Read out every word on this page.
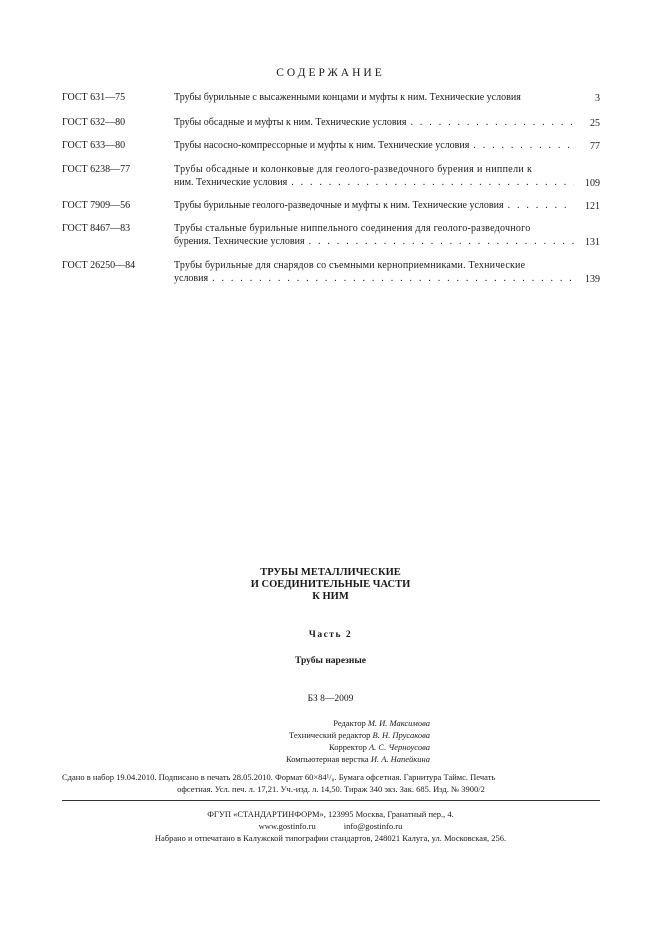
СОДЕРЖАНИЕ
ГОСТ 631—75	Трубы бурильные с высаженными концами и муфты к ним. Технические условия	3
ГОСТ 632—80	Трубы обсадные и муфты к ним. Технические условия . . .	25
ГОСТ 633—80	Трубы насосно-компрессорные и муфты к ним. Технические условия . . .	77
ГОСТ 6238—77	Трубы обсадные и колонковые для геолого-разведочного бурения и ниппели к
ним. Технические условия . . .	109
ГОСТ 7909—56	Трубы бурильные геолого-разведочные и муфты к ним. Технические условия . . .	121
ГОСТ 8467—83	Трубы стальные бурильные ниппельного соединения для геолого-разведочного
бурения. Технические условия . . .	131
ГОСТ 26250—84	Трубы бурильные для снарядов со съемными керноприемниками. Технические
условия . . .	139
ТРУБЫ МЕТАЛЛИЧЕСКИЕ
И СОЕДИНИТЕЛЬНЫЕ ЧАСТИ
К НИМ
Часть 2
Трубы нарезные
БЗ 8—2009
Редактор М. И. Максимова
Технический редактор В. Н. Прусакова
Корректор А. С. Черноусова
Компьютерная верстка И. А. Напейкина
Сдано в набор 19.04.2010. Подписано в печать 28.05.2010. Формат 60×84¹/₈. Бумага офсетная. Гарнитура Таймс. Печать
офсетная. Усл. печ. л. 17,21. Уч.-изд. л. 14,50. Тираж 340 экз. Зак. 685. Изд. № 3900/2
ФГУП «СТАНДАРТИНФОРМ», 123995 Москва, Гранатный пер., 4.
www.gostinfo.ru	info@gostinfo.ru
Набрано и отпечатано в Калужской типографии стандартов, 248021 Калуга, ул. Московская, 256.
